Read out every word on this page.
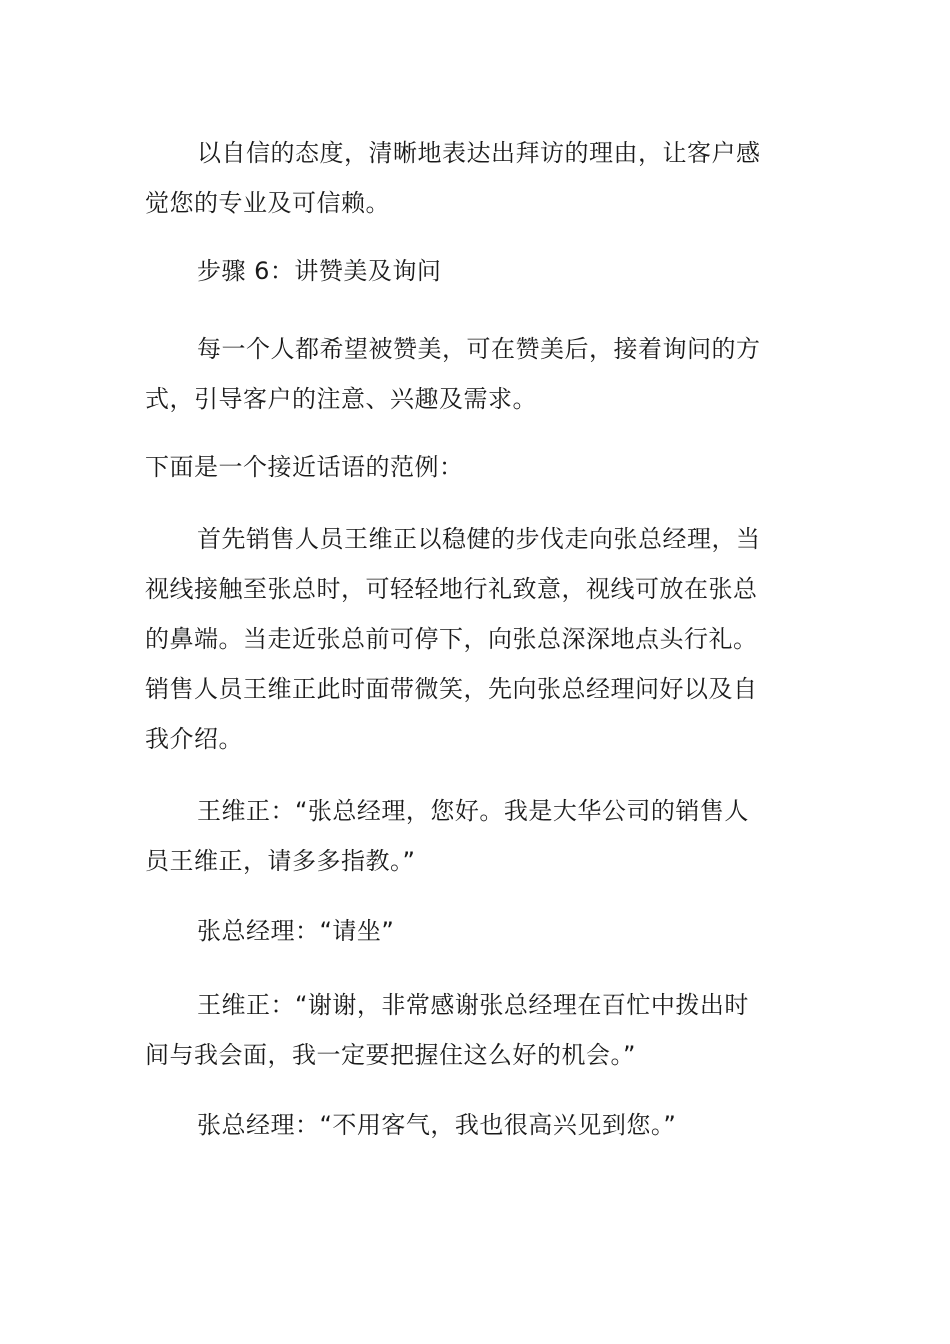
以自信的态度，清晰地表达出拜访的理由，让客户感
觉您的专业及可信赖。

步骤 6：讲赞美及询问

每一个人都希望被赞美，可在赞美后，接着询问的方
式，引导客户的注意、兴趣及需求。

下面是一个接近话语的范例：

首先销售人员王维正以稳健的步伐走向张总经理，当
视线接触至张总时，可轻轻地行礼致意，视线可放在张总
的鼻端。当走近张总前可停下，向张总深深地点头行礼。
销售人员王维正此时面带微笑，先向张总经理问好以及自
我介绍。

王维正：“张总经理，您好。我是大华公司的销售人
员王维正，请多多指教。”

张总经理：“请坐”

王维正：“谢谢，非常感谢张总经理在百忙中拨出时
间与我会面，我一定要把握住这么好的机会。”

张总经理：“不用客气，我也很高兴见到您。”
